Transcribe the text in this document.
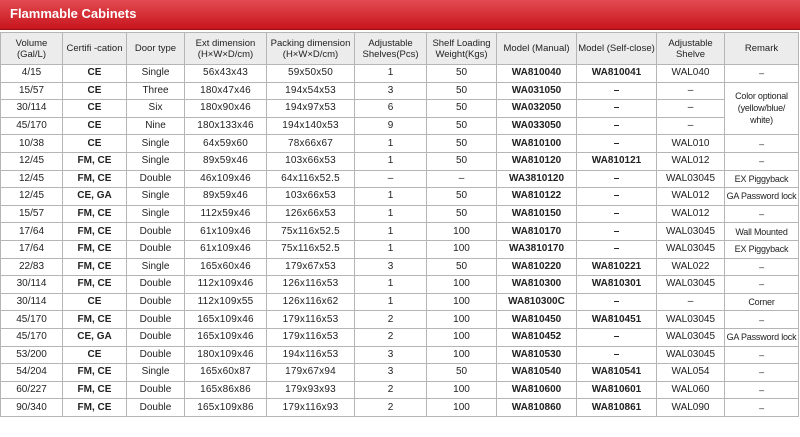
Flammable Cabinets
Volume (Gal/L)	Certifi -cation	Door type	Ext dimension (H×W×D/cm)	Packing dimension (H×W×D/cm)	Adjustable Shelves(Pcs)	Shelf Loading Weight(Kgs)	Model (Manual)	Model (Self-close)	Adjustable Shelve	Remark
4/15	CE	Single	56x43x43	59x50x50	1	50	WA810040	WA810041	WAL040	–
15/57	CE	Three	180x47x46	194x54x53	3	50	WA031050	–	–	Color optional (yellow/blue/ white)
30/114	CE	Six	180x90x46	194x97x53	6	50	WA032050	–	–	
45/170	CE	Nine	180x133x46	194x140x53	9	50	WA033050	–	–	
10/38	CE	Single	64x59x60	78x66x67	1	50	WA810100	–	WAL010	–
12/45	FM, CE	Single	89x59x46	103x66x53	1	50	WA810120	WA810121	WAL012	–
12/45	FM, CE	Double	46x109x46	64x116x52.5	–	–	WA3810120	–	WAL03045	EX Piggyback
12/45	CE, GA	Single	89x59x46	103x66x53	1	50	WA810122	–	WAL012	GA Password lock
15/57	FM, CE	Single	112x59x46	126x66x53	1	50	WA810150	–	WAL012	–
17/64	FM, CE	Double	61x109x46	75x116x52.5	1	100	WA810170	–	WAL03045	Wall Mounted
17/64	FM, CE	Double	61x109x46	75x116x52.5	1	100	WA3810170	–	WAL03045	EX Piggyback
22/83	FM, CE	Single	165x60x46	179x67x53	3	50	WA810220	WA810221	WAL022	–
30/114	FM, CE	Double	112x109x46	126x116x53	1	100	WA810300	WA810301	WAL03045	–
30/114	CE	Double	112x109x55	126x116x62	1	100	WA810300C	–	–	Corner
45/170	FM, CE	Double	165x109x46	179x116x53	2	100	WA810450	WA810451	WAL03045	–
45/170	CE, GA	Double	165x109x46	179x116x53	2	100	WA810452	–	WAL03045	GA Password lock
53/200	CE	Double	180x109x46	194x116x53	3	100	WA810530	–	WAL03045	–
54/204	FM, CE	Single	165x60x87	179x67x94	3	50	WA810540	WA810541	WAL054	–
60/227	FM, CE	Double	165x86x86	179x93x93	2	100	WA810600	WA810601	WAL060	–
90/340	FM, CE	Double	165x109x86	179x116x93	2	100	WA810860	WA810861	WAL090	–
